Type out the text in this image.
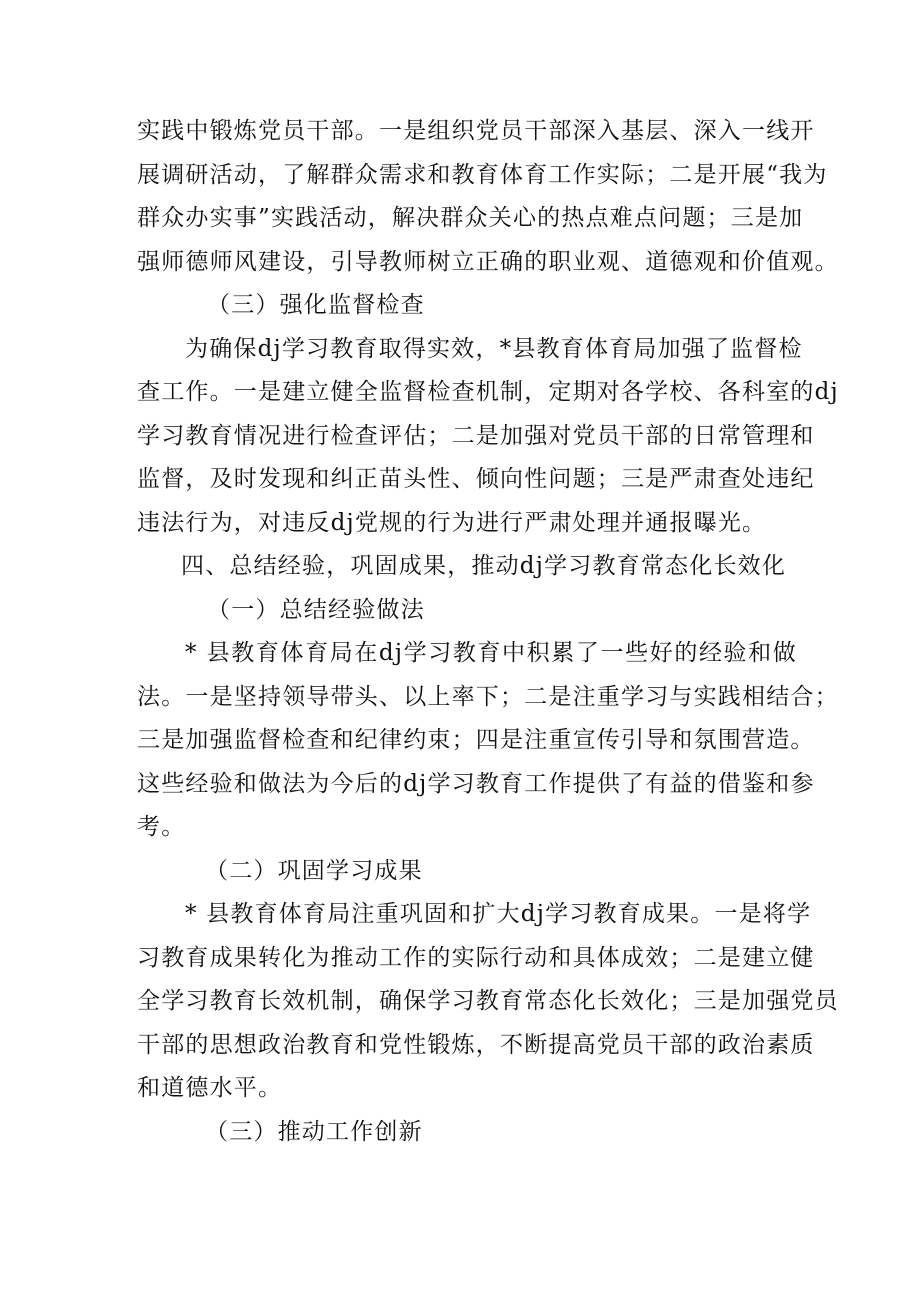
实践中锻炼党员干部。一是组织党员干部深入基层、深入一线开
展调研活动，了解群众需求和教育体育工作实际；二是开展“我为
群众办实事”实践活动，解决群众关心的热点难点问题；三是加
强师德师风建设，引导教师树立正确的职业观、道德观和价值观。
（三）强化监督检查
为确保dj学习教育取得实效，*县教育体育局加强了监督检
查工作。一是建立健全监督检查机制，定期对各学校、各科室的dj
学习教育情况进行检查评估；二是加强对党员干部的日常管理和
监督，及时发现和纠正苗头性、倾向性问题；三是严肃查处违纪
违法行为，对违反dj党规的行为进行严肃处理并通报曝光。
四、总结经验，巩固成果，推动dj学习教育常态化长效化
（一）总结经验做法
* 县教育体育局在dj学习教育中积累了一些好的经验和做
法。一是坚持领导带头、以上率下；二是注重学习与实践相结合；
三是加强监督检查和纪律约束；四是注重宣传引导和氛围营造。
这些经验和做法为今后的dj学习教育工作提供了有益的借鉴和参
考。
（二）巩固学习成果
* 县教育体育局注重巩固和扩大dj学习教育成果。一是将学
习教育成果转化为推动工作的实际行动和具体成效；二是建立健
全学习教育长效机制，确保学习教育常态化长效化；三是加强党员
干部的思想政治教育和党性锻炼，不断提高党员干部的政治素质
和道德水平。
（三）推动工作创新
